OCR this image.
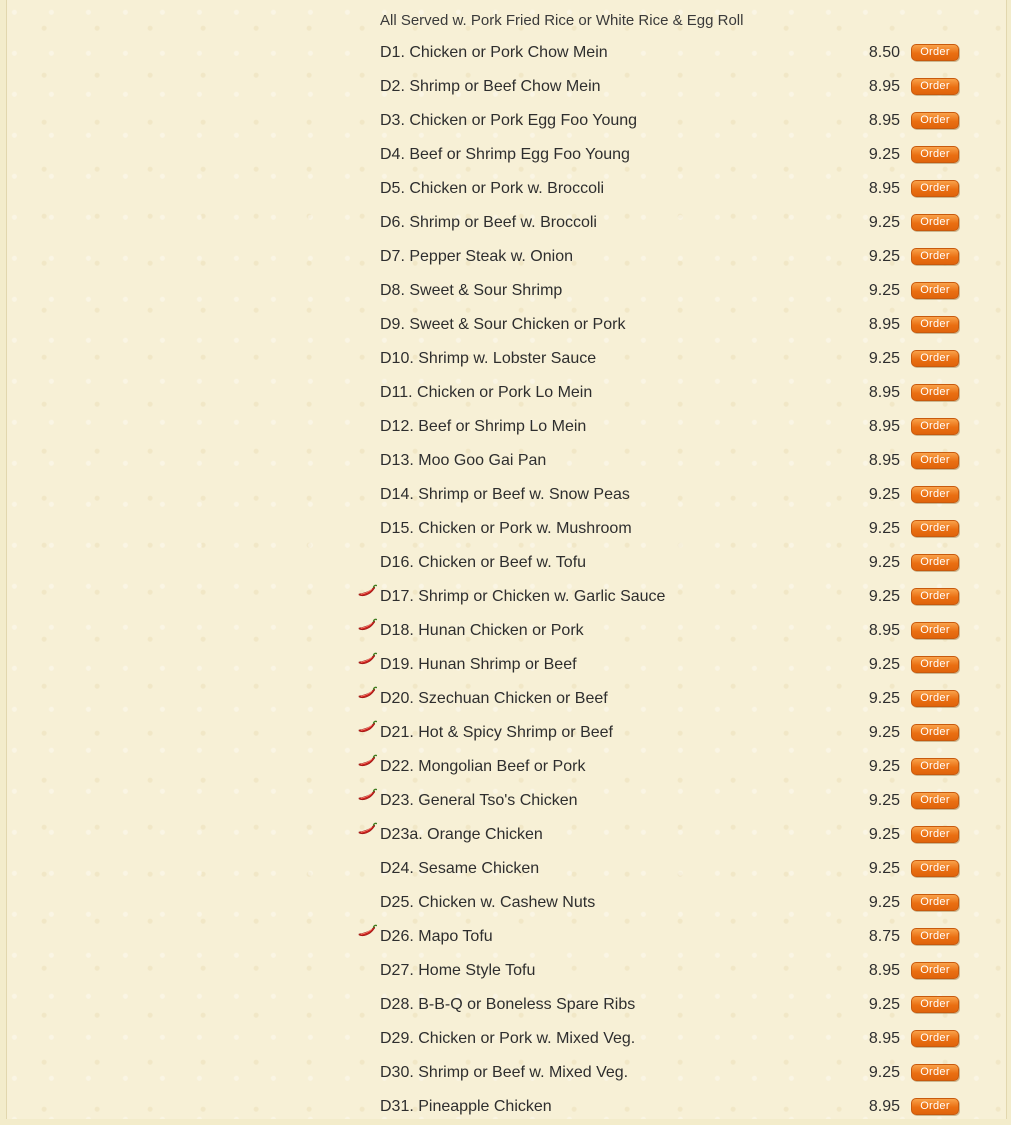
All Served w. Pork Fried Rice or White Rice & Egg Roll
D1. Chicken or Pork Chow Mein	8.50	Order
D2. Shrimp or Beef Chow Mein	8.95	Order
D3. Chicken or Pork Egg Foo Young	8.95	Order
D4. Beef or Shrimp Egg Foo Young	9.25	Order
D5. Chicken or Pork w. Broccoli	8.95	Order
D6. Shrimp or Beef w. Broccoli	9.25	Order
D7. Pepper Steak w. Onion	9.25	Order
D8. Sweet & Sour Shrimp	9.25	Order
D9. Sweet & Sour Chicken or Pork	8.95	Order
D10. Shrimp w. Lobster Sauce	9.25	Order
D11. Chicken or Pork Lo Mein	8.95	Order
D12. Beef or Shrimp Lo Mein	8.95	Order
D13. Moo Goo Gai Pan	8.95	Order
D14. Shrimp or Beef w. Snow Peas	9.25	Order
D15. Chicken or Pork w. Mushroom	9.25	Order
D16. Chicken or Beef w. Tofu	9.25	Order
D17. Shrimp or Chicken w. Garlic Sauce	9.25	Order
D18. Hunan Chicken or Pork	8.95	Order
D19. Hunan Shrimp or Beef	9.25	Order
D20. Szechuan Chicken or Beef	9.25	Order
D21. Hot & Spicy Shrimp or Beef	9.25	Order
D22. Mongolian Beef or Pork	9.25	Order
D23. General Tso's Chicken	9.25	Order
D23a. Orange Chicken	9.25	Order
D24. Sesame Chicken	9.25	Order
D25. Chicken w. Cashew Nuts	9.25	Order
D26. Mapo Tofu	8.75	Order
D27. Home Style Tofu	8.95	Order
D28. B-B-Q or Boneless Spare Ribs	9.25	Order
D29. Chicken or Pork w. Mixed Veg.	8.95	Order
D30. Shrimp or Beef w. Mixed Veg.	9.25	Order
D31. Pineapple Chicken	8.95	Order
